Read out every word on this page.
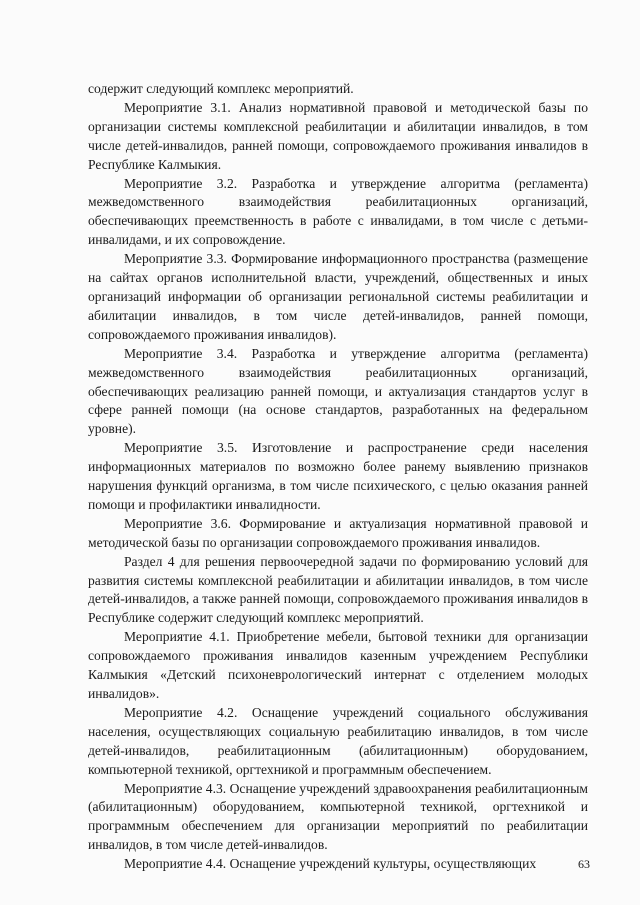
содержит следующий комплекс мероприятий.

Мероприятие 3.1. Анализ нормативной правовой и методической базы по организации системы комплексной реабилитации и абилитации инвалидов, в том числе детей-инвалидов, ранней помощи, сопровождаемого проживания инвалидов в Республике Калмыкия.

Мероприятие 3.2. Разработка и утверждение алгоритма (регламента) межведомственного взаимодействия реабилитационных организаций, обеспечивающих преемственность в работе с инвалидами, в том числе с детьми-инвалидами, и их сопровождение.

Мероприятие 3.3. Формирование информационного пространства (размещение на сайтах органов исполнительной власти, учреждений, общественных и иных организаций информации об организации региональной системы реабилитации и абилитации инвалидов, в том числе детей-инвалидов, ранней помощи, сопровождаемого проживания инвалидов).

Мероприятие 3.4. Разработка и утверждение алгоритма (регламента) межведомственного взаимодействия реабилитационных организаций, обеспечивающих реализацию ранней помощи, и актуализация стандартов услуг в сфере ранней помощи (на основе стандартов, разработанных на федеральном уровне).

Мероприятие 3.5. Изготовление и распространение среди населения информационных материалов по возможно более ранему выявлению признаков нарушения функций организма, в том числе психического, с целью оказания ранней помощи и профилактики инвалидности.

Мероприятие 3.6. Формирование и актуализация нормативной правовой и методической базы по организации сопровождаемого проживания инвалидов.

Раздел 4 для решения первоочередной задачи по формированию условий для развития системы комплексной реабилитации и абилитации инвалидов, в том числе детей-инвалидов, а также ранней помощи, сопровождаемого проживания инвалидов в Республике содержит следующий комплекс мероприятий.

Мероприятие 4.1. Приобретение мебели, бытовой техники для организации сопровождаемого проживания инвалидов казенным учреждением Республики Калмыкия «Детский психоневрологический интернат с отделением молодых инвалидов».

Мероприятие 4.2. Оснащение учреждений социального обслуживания населения, осуществляющих социальную реабилитацию инвалидов, в том числе детей-инвалидов, реабилитационным (абилитационным) оборудованием, компьютерной техникой, оргтехникой и программным обеспечением.

Мероприятие 4.3. Оснащение учреждений здравоохранения реабилитационным (абилитационным) оборудованием, компьютерной техникой, оргтехникой и программным обеспечением для организации мероприятий по реабилитации инвалидов, в том числе детей-инвалидов.

Мероприятие 4.4. Оснащение учреждений культуры, осуществляющих	63
